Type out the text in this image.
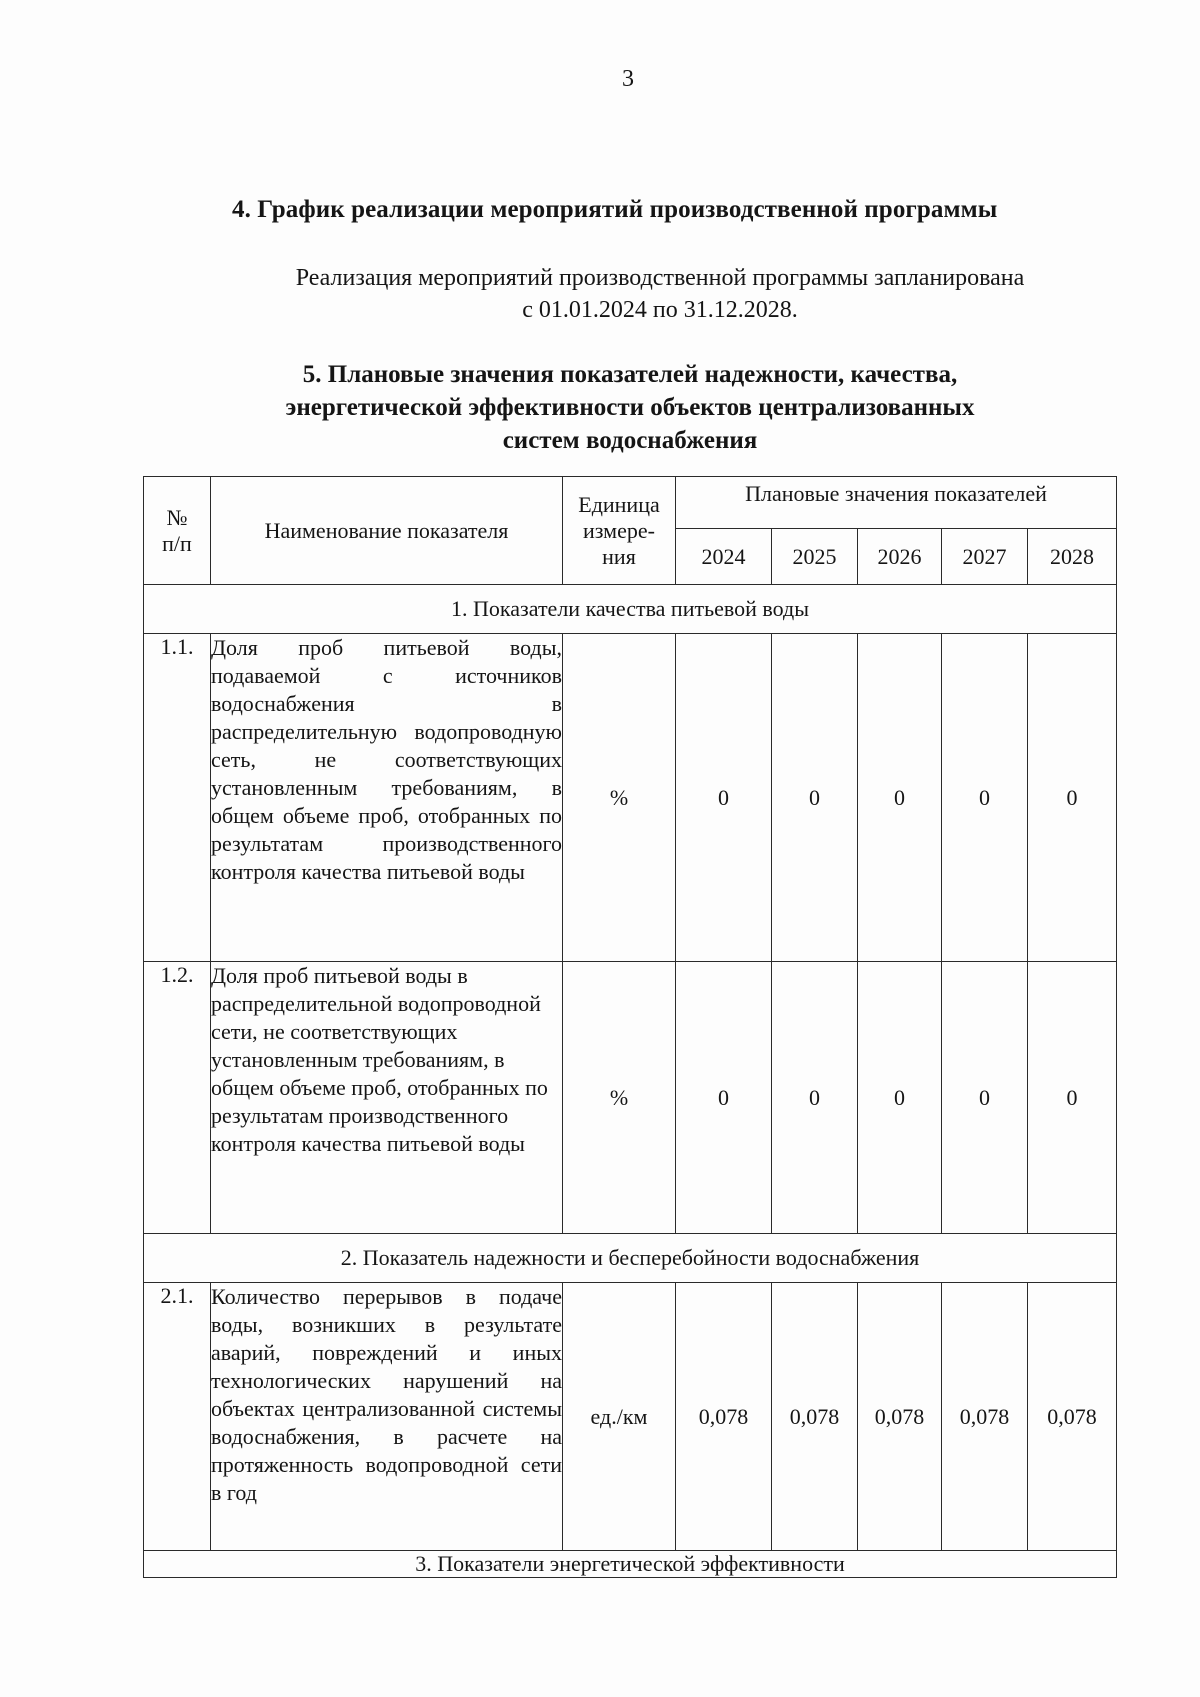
3
4. График реализации мероприятий производственной программы
Реализация мероприятий производственной программы запланирована
с 01.01.2024 по 31.12.2028.
5. Плановые значения показателей надежности, качества,
энергетической эффективности объектов централизованных
систем водоснабжения
№ п/п	Наименование показателя	Единица измере-ния	Плановые значения показателей				
			2024	2025	2026	2027	2028
1. Показатели качества питьевой воды							
1.1.	Доля проб питьевой воды, подаваемой с источников водоснабжения в распределительную водопроводную сеть, не соответствующих установленным требованиям, в общем объеме проб, отобранных по результатам производственного контроля качества питьевой воды	%	0	0	0	0	0
1.2.	Доля проб питьевой воды в распределительной водопроводной сети, не соответствующих установленным требованиям, в общем объеме проб, отобранных по результатам производственного контроля качества питьевой воды	%	0	0	0	0	0
2. Показатель надежности и бесперебойности водоснабжения							
2.1.	Количество перерывов в подаче воды, возникших в результате аварий, повреждений и иных технологических нарушений на объектах централизованной системы водоснабжения, в расчете на протяженность водопроводной сети в год	ед./км	0,078	0,078	0,078	0,078	0,078
3. Показатели энергетической эффективности							
